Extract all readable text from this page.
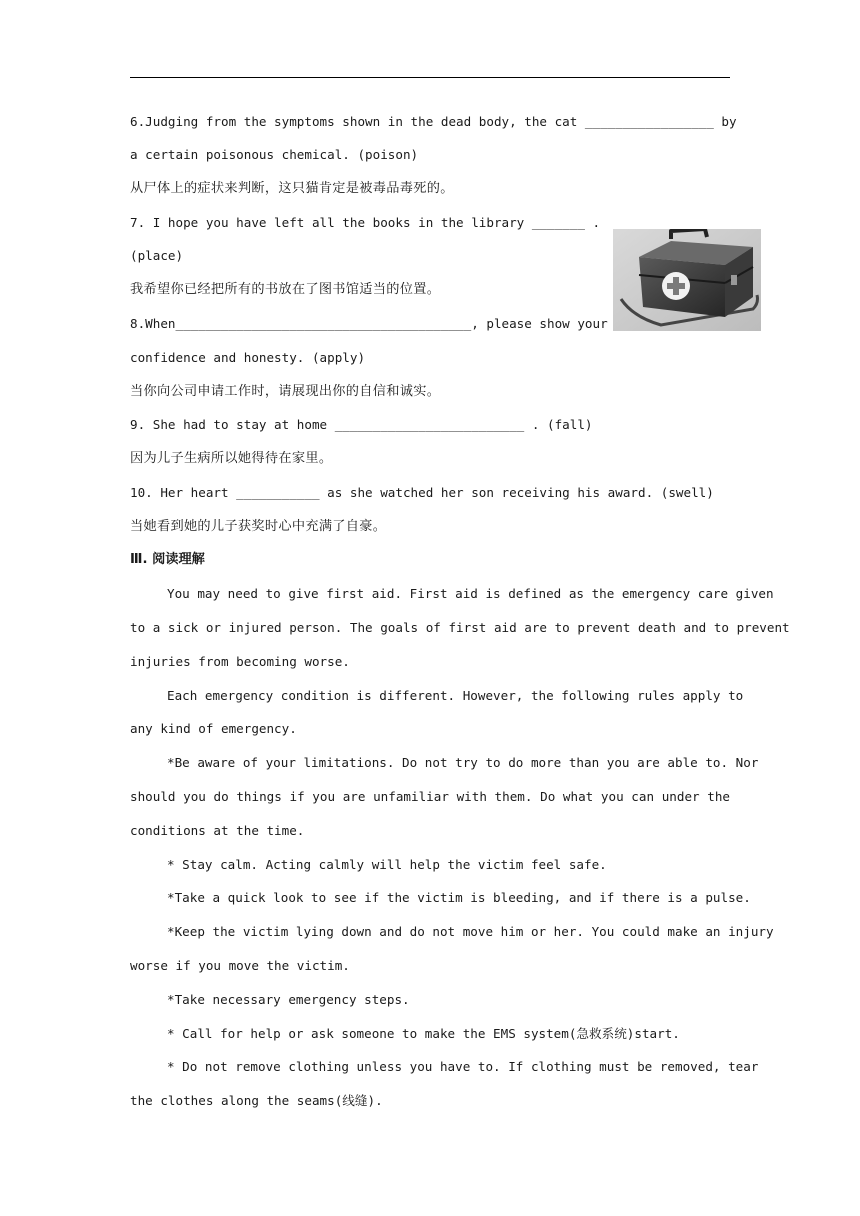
6.Judging from the symptoms shown in the dead body, the cat _________________ by
a certain poisonous chemical. (poison)
从尸体上的症状来判断，这只猫肯定是被毒品毒死的。
7. I hope you have left all the books in the library _______ .
(place)
我希望你已经把所有的书放在了图书馆适当的位置。
8.When_______________________________________, please show your
confidence and honesty. (apply)
当你向公司申请工作时，请展现出你的自信和诚实。
9. She had to stay at home _________________________ . (fall)
因为儿子生病所以她得待在家里。
10. Her heart ___________ as she watched her son receiving his award. (swell)
当她看到她的儿子获奖时心中充满了自豪。
Ⅲ. 阅读理解
You may need to give first aid. First aid is defined as the emergency care given
to a sick or injured person. The goals of first aid are to prevent death and to prevent
injuries from becoming worse.
Each emergency condition is different. However, the following rules apply to
any kind of emergency.
*Be aware of your limitations. Do not try to do more than you are able to. Nor
should you do things if you are unfamiliar with them. Do what you can under the
conditions at the time.
* Stay calm. Acting calmly will help the victim feel safe.
*Take a quick look to see if the victim is bleeding, and if there is a pulse.
*Keep the victim lying down and do not move him or her. You could make an injury
worse if you move the victim.
*Take necessary emergency steps.
* Call for help or ask someone to make the EMS system(急救系统)start.
* Do not remove clothing unless you have to. If clothing must be removed, tear
the clothes along the seams(线缝).
